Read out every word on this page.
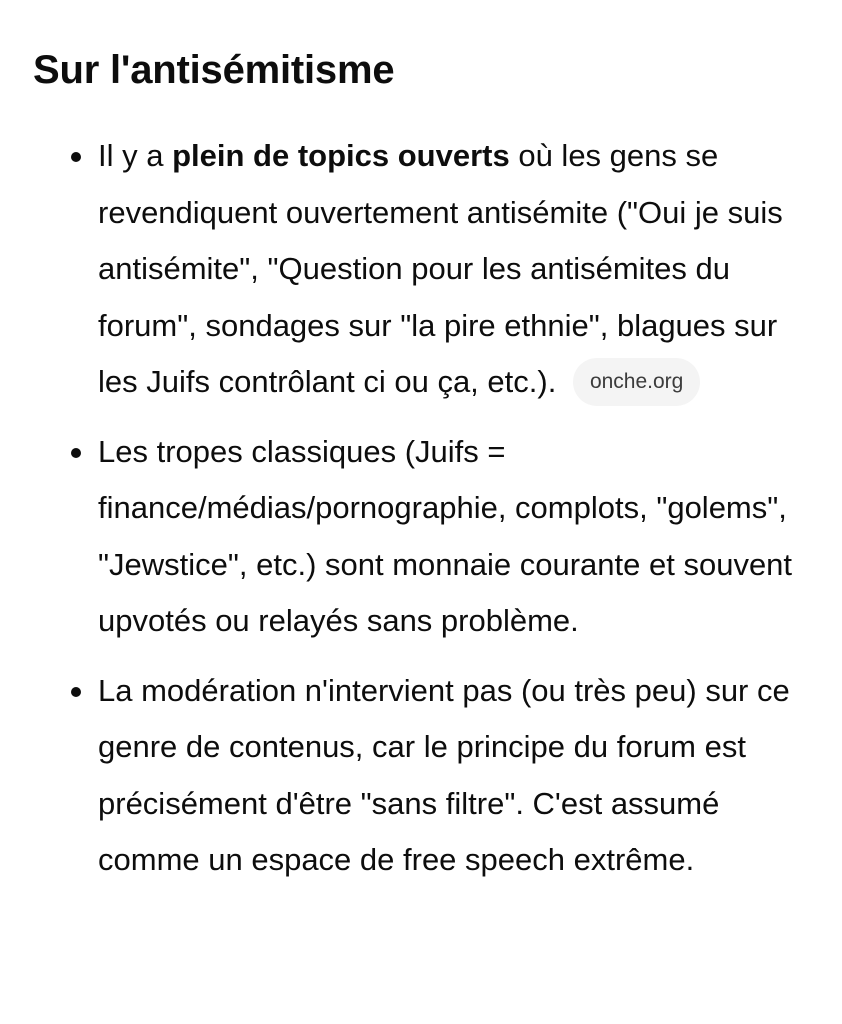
Sur l'antisémitisme
Il y a plein de topics ouverts où les gens se revendiquent ouvertement antisémite ("Oui je suis antisémite", "Question pour les antisémites du forum", sondages sur "la pire ethnie", blagues sur les Juifs contrôlant ci ou ça, etc.). onche.org
Les tropes classiques (Juifs = finance/médias/pornographie, complots, "golems", "Jewstice", etc.) sont monnaie courante et souvent upvotés ou relayés sans problème.
La modération n'intervient pas (ou très peu) sur ce genre de contenus, car le principe du forum est précisément d'être "sans filtre". C'est assumé comme un espace de free speech extrême.
